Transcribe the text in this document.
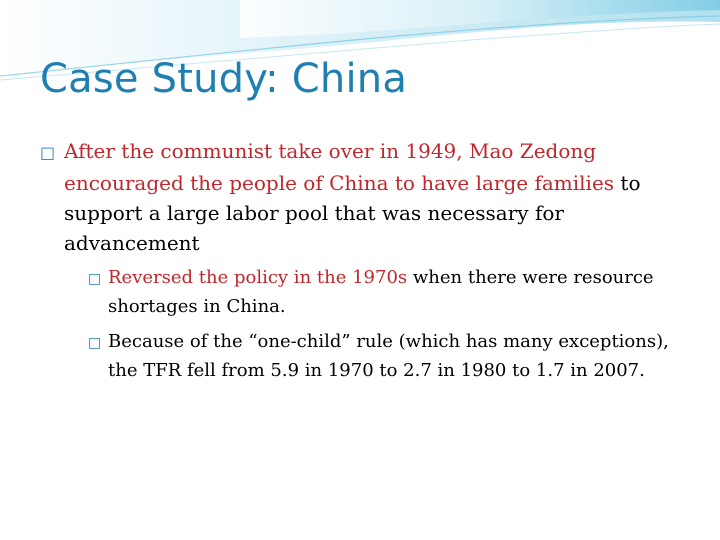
Case Study: China
□ After the communist take over in 1949, Mao Zedong encouraged the people of China to have large families to support a large labor pool that was necessary for advancement
□ Reversed the policy in the 1970s when there were resource shortages in China.
□ Because of the “one-child” rule (which has many exceptions), the TFR fell from 5.9 in 1970 to 2.7 in 1980 to 1.7 in 2007.
